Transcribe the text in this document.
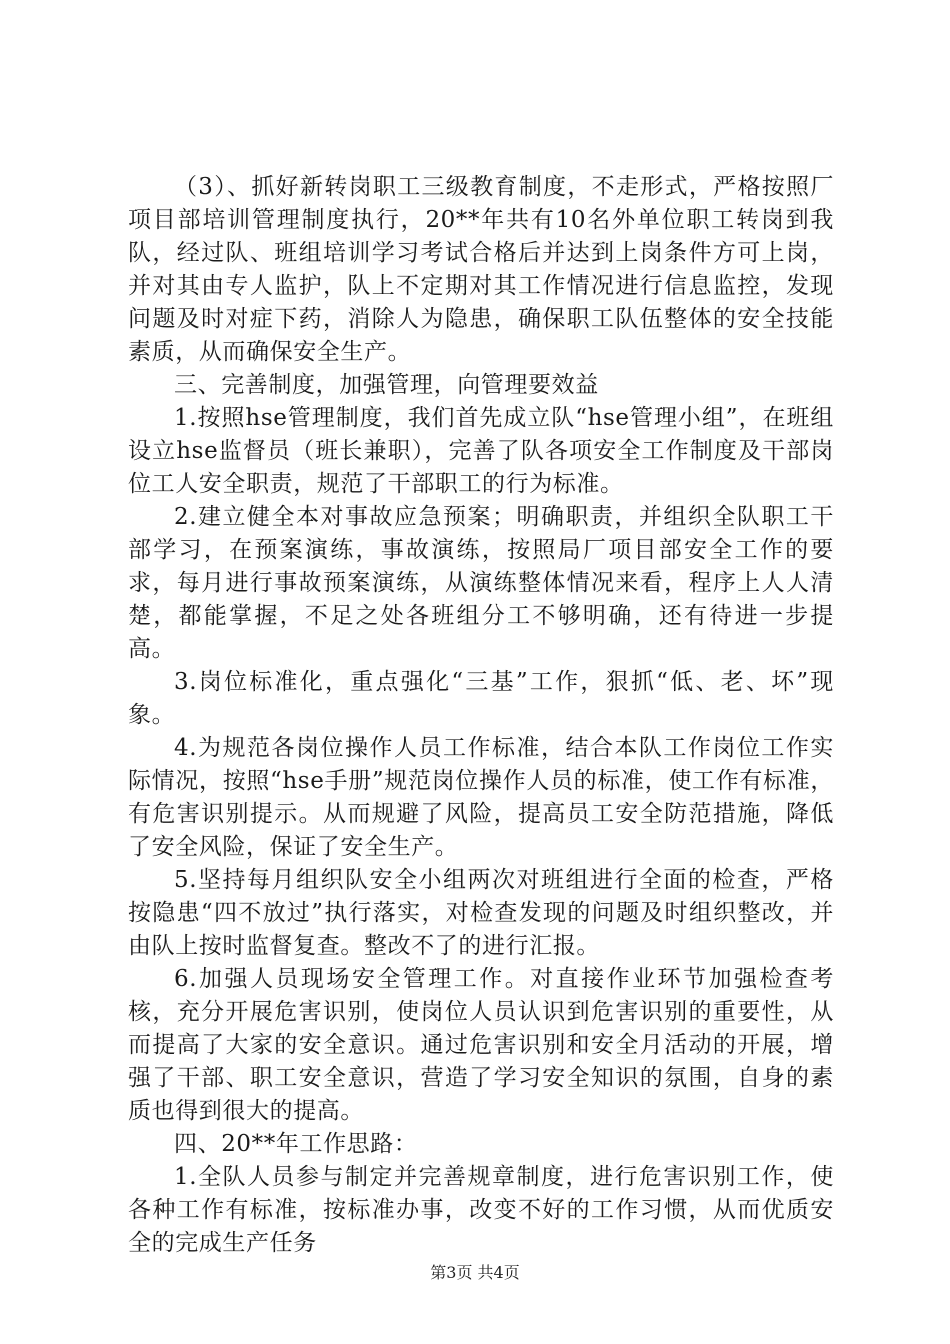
（3）、抓好新转岗职工三级教育制度，不走形式，严格按照厂项目部培训管理制度执行，20**年共有10名外单位职工转岗到我队，经过队、班组培训学习考试合格后并达到上岗条件方可上岗，并对其由专人监护，队上不定期对其工作情况进行信息监控，发现问题及时对症下药，消除人为隐患，确保职工队伍整体的安全技能素质，从而确保安全生产。

三、完善制度，加强管理，向管理要效益

1.按照hse管理制度，我们首先成立队“hse管理小组”，在班组设立hse监督员（班长兼职），完善了队各项安全工作制度及干部岗位工人安全职责，规范了干部职工的行为标准。

2.建立健全本对事故应急预案；明确职责，并组织全队职工干部学习，在预案演练，事故演练，按照局厂项目部安全工作的要求，每月进行事故预案演练，从演练整体情况来看，程序上人人清楚，都能掌握，不足之处各班组分工不够明确，还有待进一步提高。

3.岗位标准化，重点强化“三基”工作，狠抓“低、老、坏”现象。

4.为规范各岗位操作人员工作标准，结合本队工作岗位工作实际情况，按照“hse手册”规范岗位操作人员的标准，使工作有标准，有危害识别提示。从而规避了风险，提高员工安全防范措施，降低了安全风险，保证了安全生产。

5.坚持每月组织队安全小组两次对班组进行全面的检查，严格按隐患“四不放过”执行落实，对检查发现的问题及时组织整改，并由队上按时监督复查。整改不了的进行汇报。

6.加强人员现场安全管理工作。对直接作业环节加强检查考核，充分开展危害识别，使岗位人员认识到危害识别的重要性，从而提高了大家的安全意识。通过危害识别和安全月活动的开展，增强了干部、职工安全意识，营造了学习安全知识的氛围，自身的素质也得到很大的提高。

四、20**年工作思路：

1.全队人员参与制定并完善规章制度，进行危害识别工作，使各种工作有标准，按标准办事，改变不好的工作习惯，从而优质安全的完成生产任务

第3页 共4页
